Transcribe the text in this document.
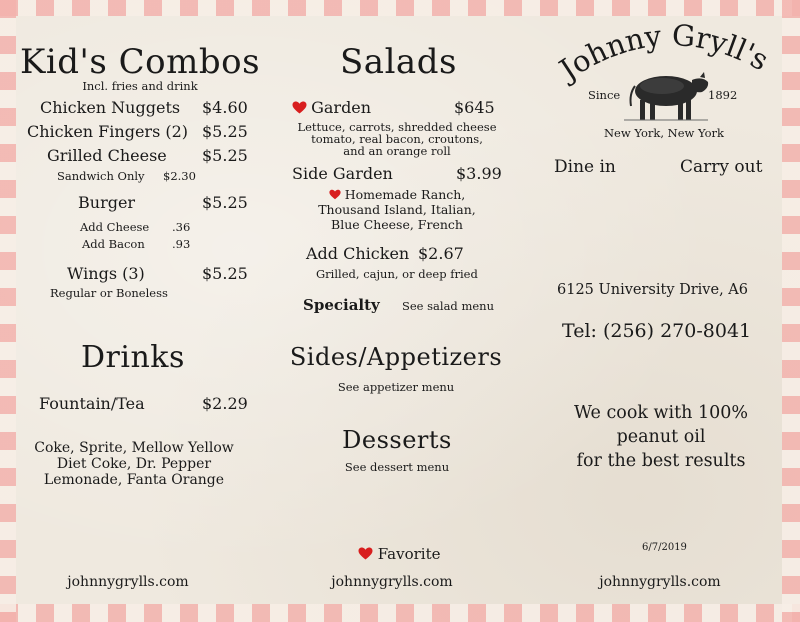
Kid's Combos
Incl. fries and drink
Chicken Nuggets $4.60
Chicken Fingers (2) $5.25
Grilled Cheese $5.25
Sandwich Only $2.30
Burger	$5.25
Add Cheese .36
Add Bacon .93
Wings (3)	$5.25
Regular or Boneless
Drinks
Fountain/Tea	$2.29
Coke, Sprite, Mellow Yellow
Diet Coke, Dr. Pepper
Lemonade, Fanta Orange
Salads
Garden	$645
Lettuce, carrots, shredded cheese
tomato, real bacon, croutons,
and an orange roll
Side Garden	$3.99
Homemade Ranch,
Thousand Island, Italian,
Blue Cheese, French
Add Chicken $2.67
Grilled, cajun, or deep fried
Specialty See salad menu
Sides/Appetizers
See appetizer menu
Desserts
See dessert menu
Favorite
Johnny Gryll's
Since	1892
New York, New York
Dine in	Carry out
6125 University Drive, A6
Tel: (256) 270-8041
We cook with 100%
peanut oil
for the best results
6/7/2019
johnnygrylls.com	johnnygrylls.com	johnnygrylls.com
